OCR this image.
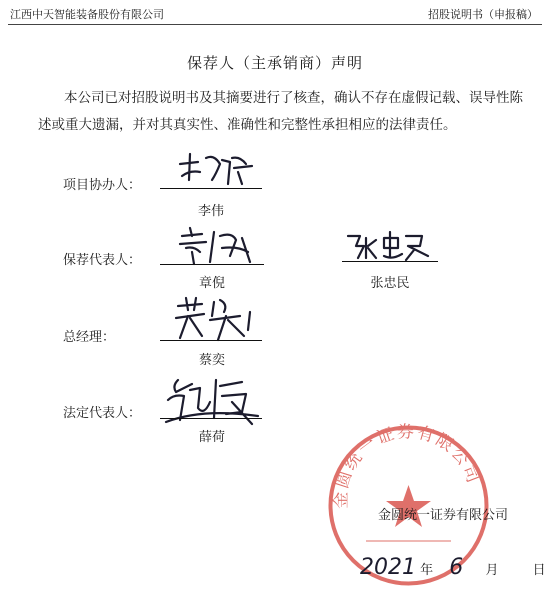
江西中天智能装备股份有限公司	招股说明书（申报稿）
保荐人（主承销商）声明
本公司已对招股说明书及其摘要进行了核查，确认不存在虚假记载、误导性陈
述或重大遗漏，并对其真实性、准确性和完整性承担相应的法律责任。
项目协办人：
李伟
保荐代表人：
章倪	张忠民
总经理：
蔡奕
法定代表人：
薛荷
金圆统一证券有限公司
金圆统一证券有限公司
2021 年 6 月	日
